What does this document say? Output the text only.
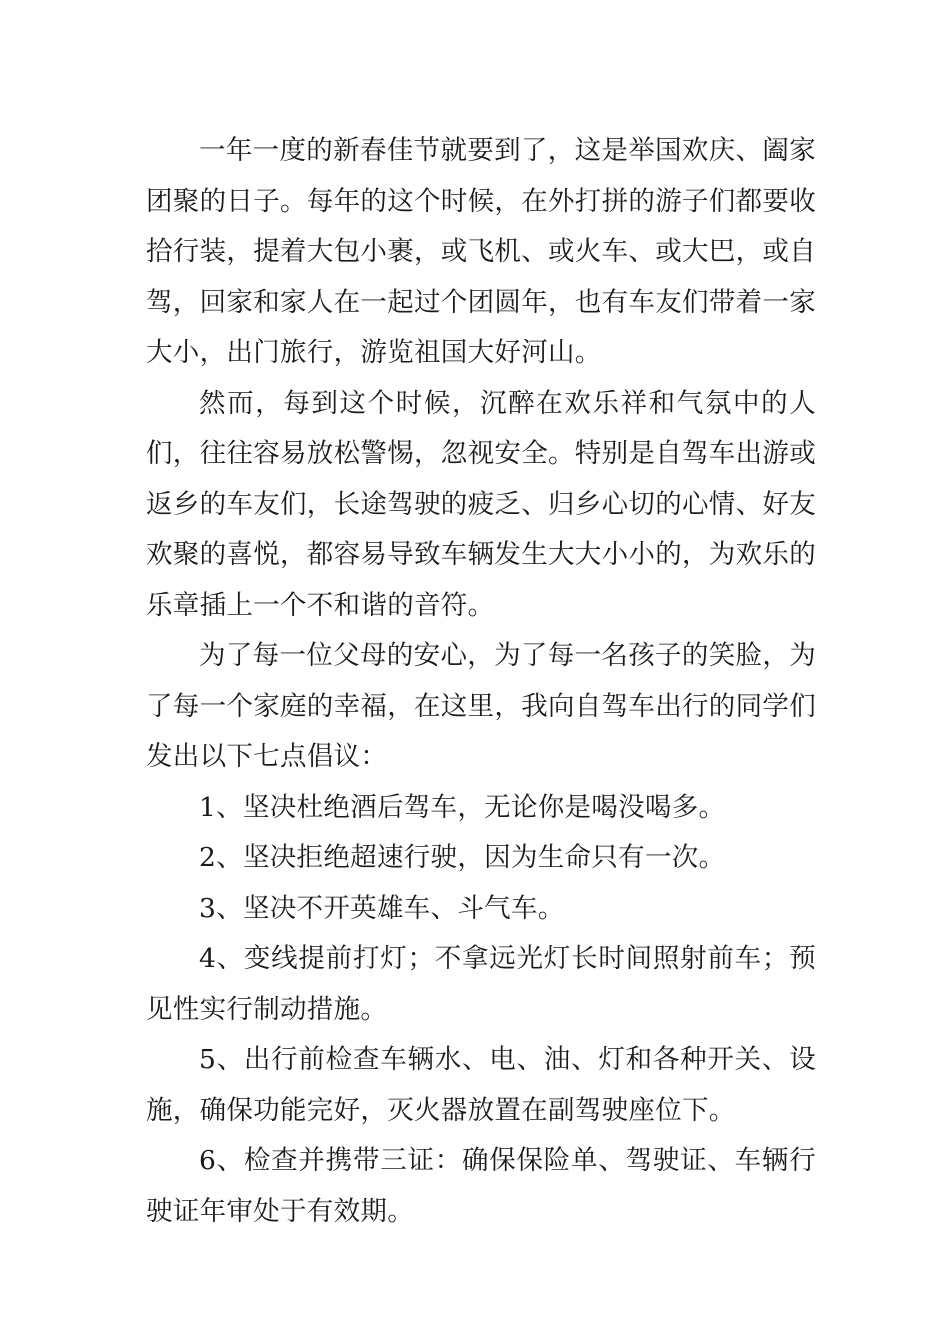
一年一度的新春佳节就要到了，这是举国欢庆、阖家团聚的日子。每年的这个时候，在外打拼的游子们都要收拾行装，提着大包小裹，或飞机、或火车、或大巴，或自驾，回家和家人在一起过个团圆年，也有车友们带着一家大小，出门旅行，游览祖国大好河山。

然而，每到这个时候，沉醉在欢乐祥和气氛中的人们，往往容易放松警惕，忽视安全。特别是自驾车出游或返乡的车友们，长途驾驶的疲乏、归乡心切的心情、好友欢聚的喜悦，都容易导致车辆发生大大小小的，为欢乐的乐章插上一个不和谐的音符。

为了每一位父母的安心，为了每一名孩子的笑脸，为了每一个家庭的幸福，在这里，我向自驾车出行的同学们发出以下七点倡议：

1、坚决杜绝酒后驾车，无论你是喝没喝多。

2、坚决拒绝超速行驶，因为生命只有一次。

3、坚决不开英雄车、斗气车。

4、变线提前打灯；不拿远光灯长时间照射前车；预见性实行制动措施。

5、出行前检查车辆水、电、油、灯和各种开关、设施，确保功能完好，灭火器放置在副驾驶座位下。

6、检查并携带三证：确保保险单、驾驶证、车辆行驶证年审处于有效期。
